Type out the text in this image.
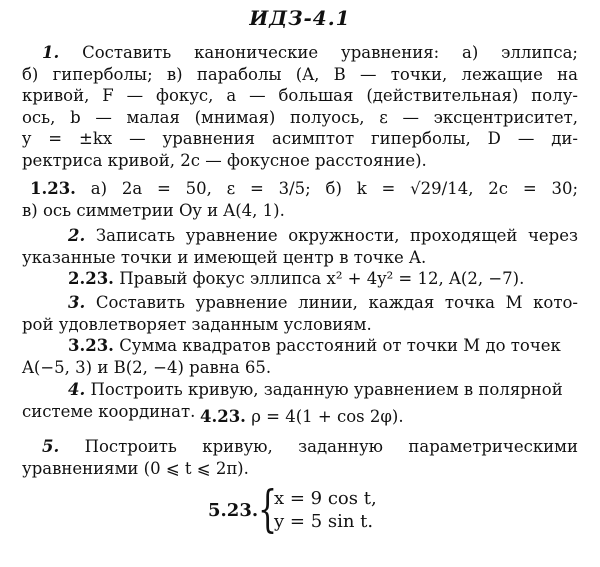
ИДЗ-4.1
1. Составить канонические уравнения: а) эллипса;
б) гиперболы; в) параболы (A, B — точки, лежащие на
кривой, F — фокус, a — большая (действительная) полу-
ось, b — малая (мнимая) полуось, ε — эксцентриситет,
y = ±kx — уравнения асимптот гиперболы, D — ди-
ректриса кривой, 2c — фокусное расстояние).
1.23. а) 2a = 50, ε = 3/5; б) k = √29/14, 2c = 30;
в) ось симметрии Oy и A(4, 1).
2. Записать уравнение окружности, проходящей через
указанные точки и имеющей центр в точке A.
2.23. Правый фокус эллипса x² + 4y² = 12, A(2, −7).
3. Составить уравнение линии, каждая точка M кото-
рой удовлетворяет заданным условиям.
3.23. Сумма квадратов расстояний от точки M до точек
A(−5, 3) и B(2, −4) равна 65.
4. Построить кривую, заданную уравнением в полярной
системе координат. 4.23. ρ = 4(1 + cos 2φ).
5. Построить кривую, заданную параметрическими
уравнениями (0 ⩽ t ⩽ 2π).
5.23. {
x = 9 cos t,
y = 5 sin t.
